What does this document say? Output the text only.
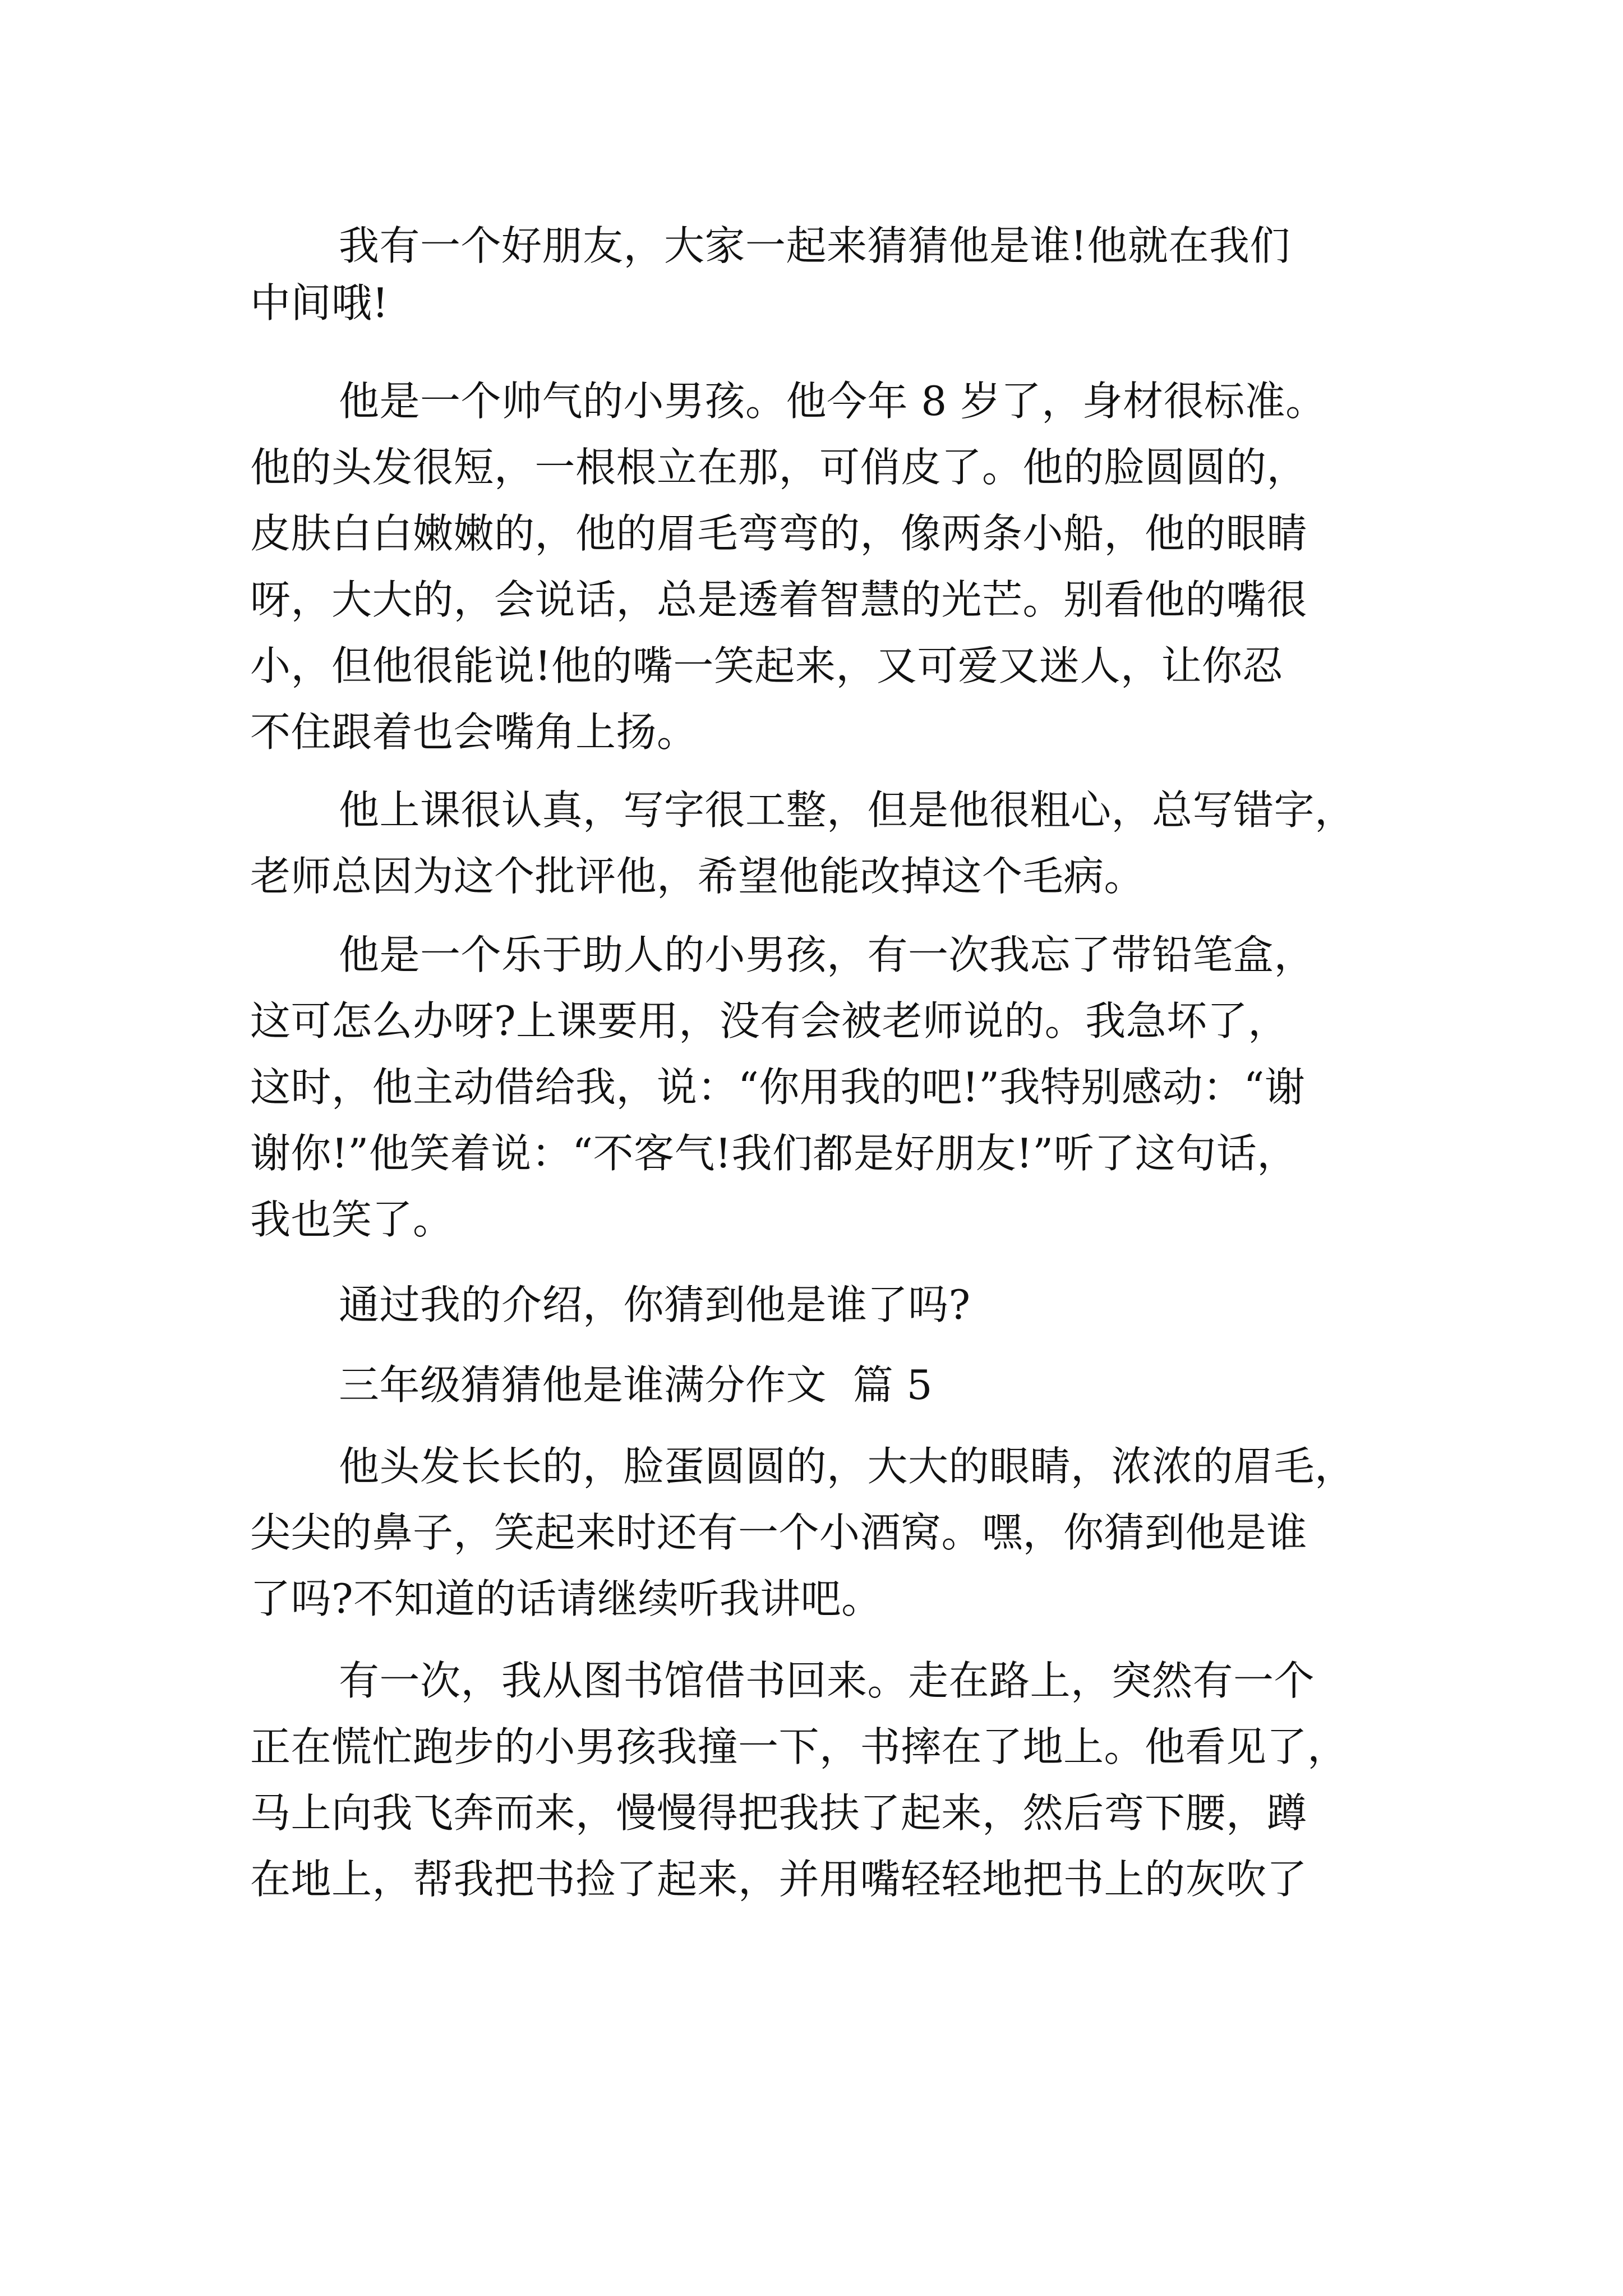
我有一个好朋友，大家一起来猜猜他是谁!他就在我们
中间哦!
他是一个帅气的小男孩。他今年 8 岁了，身材很标准。
他的头发很短，一根根立在那，可俏皮了。他的脸圆圆的，
皮肤白白嫩嫩的，他的眉毛弯弯的，像两条小船，他的眼睛
呀，大大的，会说话，总是透着智慧的光芒。别看他的嘴很
小，但他很能说!他的嘴一笑起来，又可爱又迷人，让你忍
不住跟着也会嘴角上扬。
他上课很认真，写字很工整，但是他很粗心，总写错字，
老师总因为这个批评他，希望他能改掉这个毛病。
他是一个乐于助人的小男孩，有一次我忘了带铅笔盒，
这可怎么办呀?上课要用，没有会被老师说的。我急坏了，
这时，他主动借给我，说：“你用我的吧!”我特别感动：“谢
谢你!”他笑着说：“不客气!我们都是好朋友!”听了这句话，
我也笑了。
通过我的介绍，你猜到他是谁了吗?
三年级猜猜他是谁满分作文  篇 5
他头发长长的，脸蛋圆圆的，大大的眼睛，浓浓的眉毛，
尖尖的鼻子，笑起来时还有一个小酒窝。嘿，你猜到他是谁
了吗?不知道的话请继续听我讲吧。
有一次，我从图书馆借书回来。走在路上，突然有一个
正在慌忙跑步的小男孩我撞一下，书摔在了地上。他看见了，
马上向我飞奔而来，慢慢得把我扶了起来，然后弯下腰，蹲
在地上，帮我把书捡了起来，并用嘴轻轻地把书上的灰吹了
